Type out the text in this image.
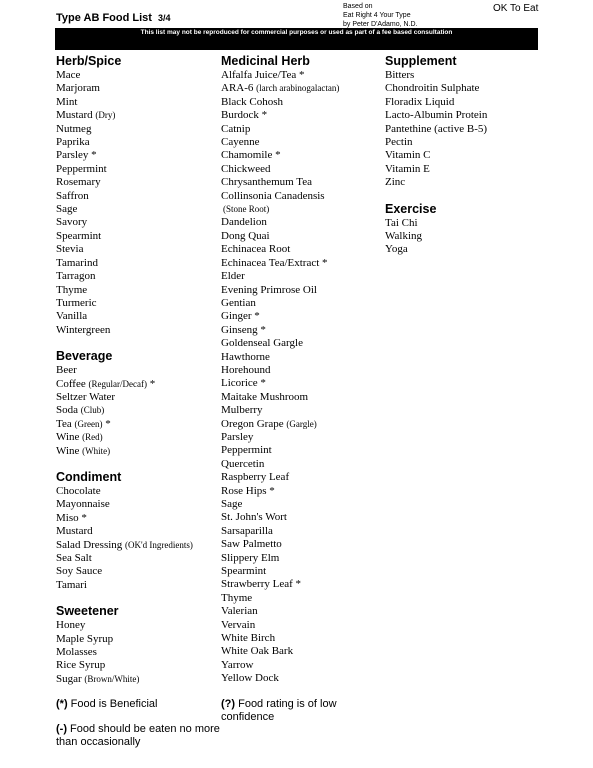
Type AB Food List 3/4
Based on
Eat Right 4 Your Type
by Peter D'Adamo, N.D.
OK To Eat
This list may not be reproduced for commercial purposes or used as part of a fee based consultation
Herb/Spice
Mace
Marjoram
Mint
Mustard (Dry)
Nutmeg
Paprika
Parsley *
Peppermint
Rosemary
Saffron
Sage
Savory
Spearmint
Stevia
Tamarind
Tarragon
Thyme
Turmeric
Vanilla
Wintergreen
Beverage
Beer
Coffee (Regular/Decaf) *
Seltzer Water
Soda (Club)
Tea (Green) *
Wine (Red)
Wine (White)
Condiment
Chocolate
Mayonnaise
Miso *
Mustard
Salad Dressing (OK'd Ingredients)
Sea Salt
Soy Sauce
Tamari
Sweetener
Honey
Maple Syrup
Molasses
Rice Syrup
Sugar (Brown/White)
(*) Food is Beneficial
(-) Food should be eaten no more than occasionally
Medicinal Herb
Alfalfa Juice/Tea *
ARA-6 (larch arabinogalactan)
Black Cohosh
Burdock *
Catnip
Cayenne
Chamomile *
Chickweed
Chrysanthemum Tea
Collinsonia Canadensis
(Stone Root)
Dandelion
Dong Quai
Echinacea Root
Echinacea Tea/Extract *
Elder
Evening Primrose Oil
Gentian
Ginger *
Ginseng *
Goldenseal Gargle
Hawthorne
Horehound
Licorice *
Maitake Mushroom
Mulberry
Oregon Grape (Gargle)
Parsley
Peppermint
Quercetin
Raspberry Leaf
Rose Hips *
Sage
St. John's Wort
Sarsaparilla
Saw Palmetto
Slippery Elm
Spearmint
Strawberry Leaf *
Thyme
Valerian
Vervain
White Birch
White Oak Bark
Yarrow
Yellow Dock
(?) Food rating is of low confidence
Supplement
Bitters
Chondroitin Sulphate
Floradix Liquid
Lacto-Albumin Protein
Pantethine (active B-5)
Pectin
Vitamin C
Vitamin E
Zinc
Exercise
Tai Chi
Walking
Yoga
